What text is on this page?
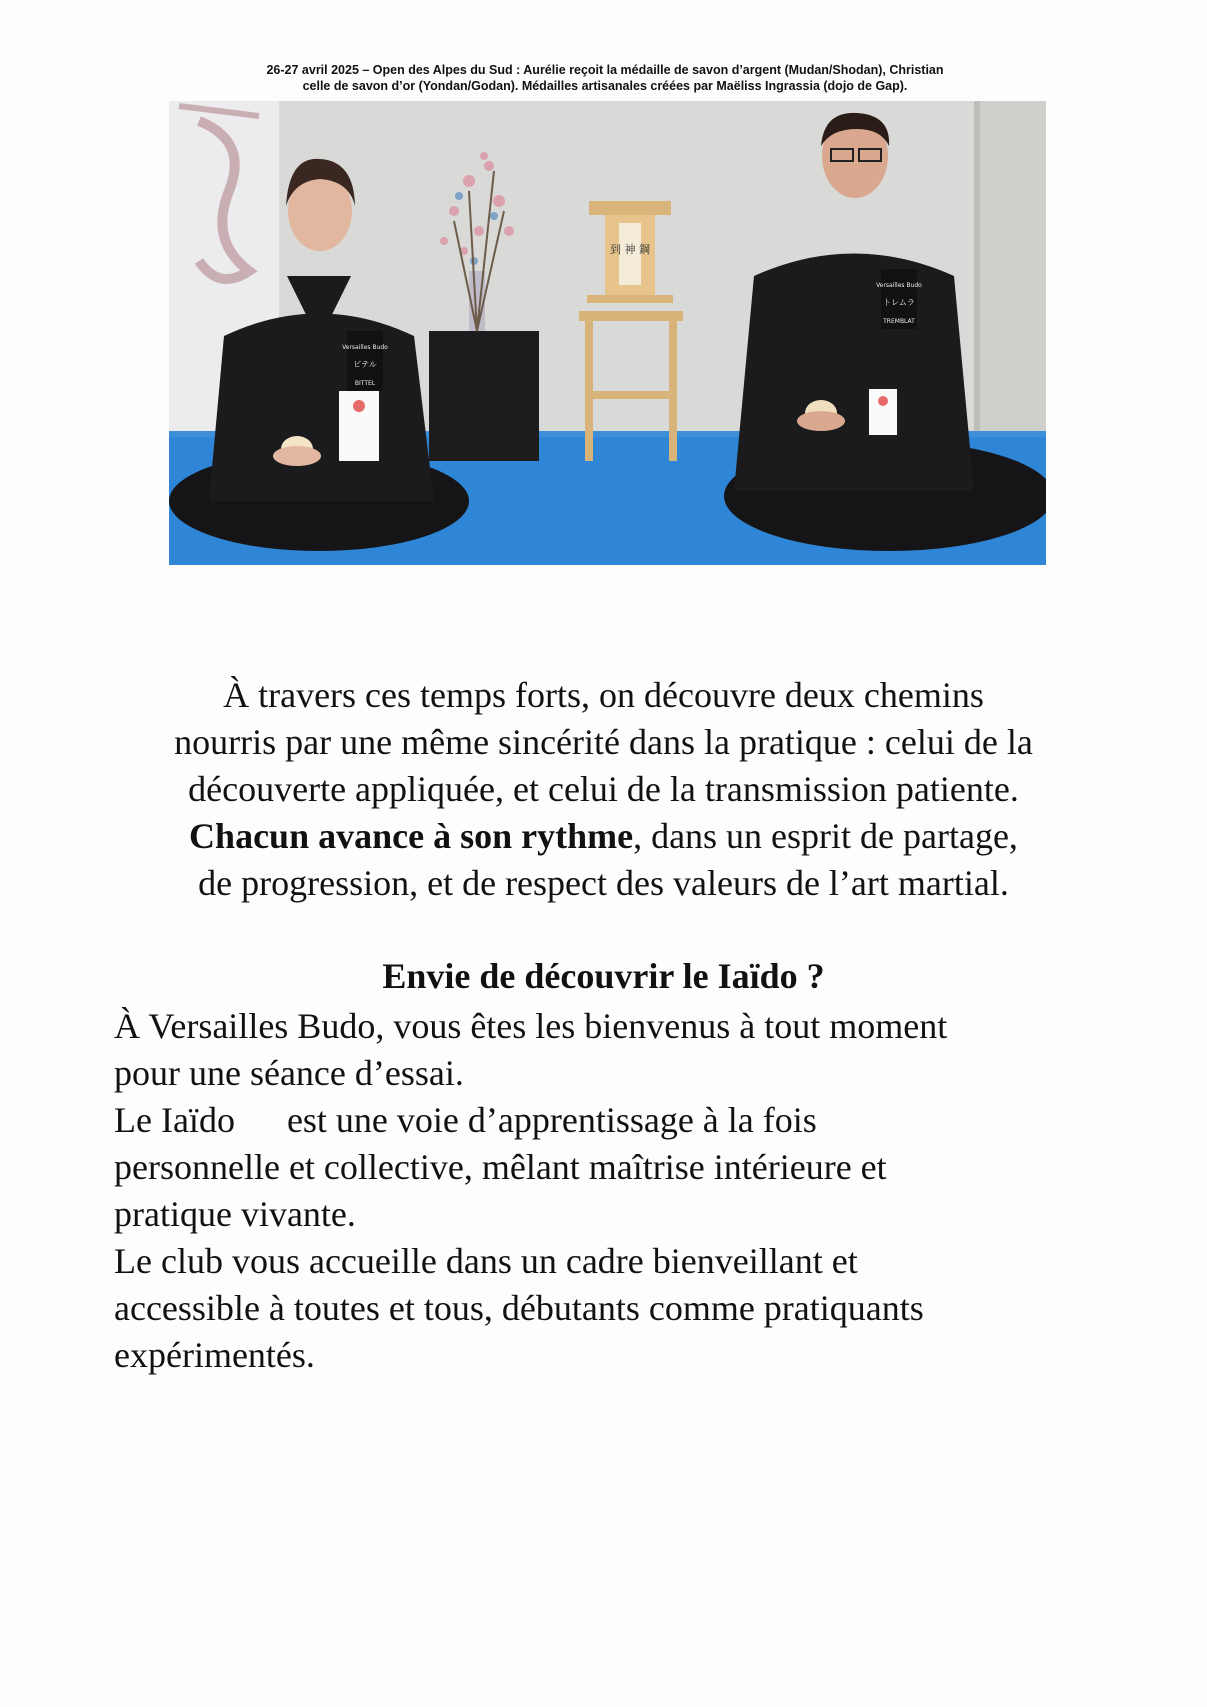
26-27 avril 2025 – Open des Alpes du Sud : Aurélie reçoit la médaille de savon d’argent (Mudan/Shodan), Christian
celle de savon d’or (Yondan/Godan). Médailles artisanales créées par Maëliss Ingrassia (dojo de Gap).
到 神 鋼
Versailles Budo
ビテル
BITTEL
Versailles Budo
トレムラ
TREMBLAT
À travers ces temps forts, on découvre deux chemins
nourris par une même sincérité dans la pratique : celui de la
découverte appliquée, et celui de la transmission patiente.
Chacun avance à son rythme, dans un esprit de partage,
de progression, et de respect des valeurs de l’art martial.
Envie de découvrir le Iaïdo ?

À Versailles Budo, vous êtes les bienvenus à tout moment

pour une séance d’essai.

Le Iaïdo est une voie d’apprentissage à la fois

personnelle et collective, mêlant maîtrise intérieure et

pratique vivante.

Le club vous accueille dans un cadre bienveillant et

accessible à toutes et tous, débutants comme pratiquants

expérimentés.
